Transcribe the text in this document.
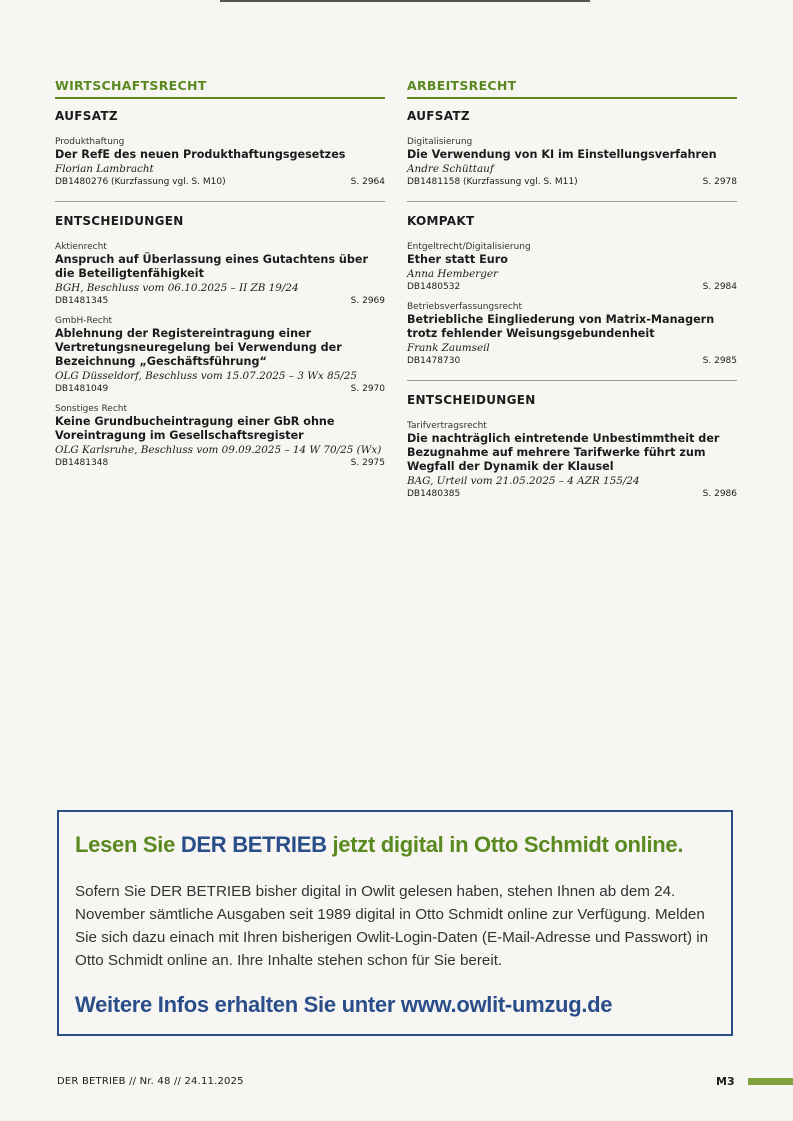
WIRTSCHAFTSRECHT
AUFSATZ
Produkthaftung
Der RefE des neuen Produkthaftungsgesetzes
Florian Lambracht
DB1480276 (Kurzfassung vgl. S. M10)	S. 2964
ENTSCHEIDUNGEN
Aktienrecht
Anspruch auf Überlassung eines Gutachtens über die Beteiligtenfähigkeit
BGH, Beschluss vom 06.10.2025 – II ZB 19/24
DB1481345	S. 2969
GmbH-Recht
Ablehnung der Registereintragung einer Vertretungsneuregelung bei Verwendung der Bezeichnung „Geschäftsführung“
OLG Düsseldorf, Beschluss vom 15.07.2025 – 3 Wx 85/25
DB1481049	S. 2970
Sonstiges Recht
Keine Grundbucheintragung einer GbR ohne Voreintragung im Gesellschaftsregister
OLG Karlsruhe, Beschluss vom 09.09.2025 – 14 W 70/25 (Wx)
DB1481348	S. 2975
ARBEITSRECHT
AUFSATZ
Digitalisierung
Die Verwendung von KI im Einstellungsverfahren
Andre Schüttauf
DB1481158 (Kurzfassung vgl. S. M11)	S. 2978
KOMPAKT
Entgeltrecht/Digitalisierung
Ether statt Euro
Anna Hemberger
DB1480532	S. 2984
Betriebsverfassungsrecht
Betriebliche Eingliederung von Matrix-Managern trotz fehlender Weisungsgebundenheit
Frank Zaumseil
DB1478730	S. 2985
ENTSCHEIDUNGEN
Tarifvertragsrecht
Die nachträglich eintretende Unbestimmtheit der Bezugnahme auf mehrere Tarifwerke führt zum Wegfall der Dynamik der Klausel
BAG, Urteil vom 21.05.2025 – 4 AZR 155/24
DB1480385	S. 2986
Lesen Sie DER BETRIEB jetzt digital in Otto Schmidt online.
Sofern Sie DER BETRIEB bisher digital in Owlit gelesen haben, stehen Ihnen ab dem 24. November sämtliche Ausgaben seit 1989 digital in Otto Schmidt online zur Verfügung. Melden Sie sich dazu einach mit Ihren bisherigen Owlit-Login-Daten (E-Mail-Adresse und Passwort) in Otto Schmidt online an. Ihre Inhalte stehen schon für Sie bereit.
Weitere Infos erhalten Sie unter www.owlit-umzug.de
DER BETRIEB // Nr. 48 // 24.11.2025	M3
